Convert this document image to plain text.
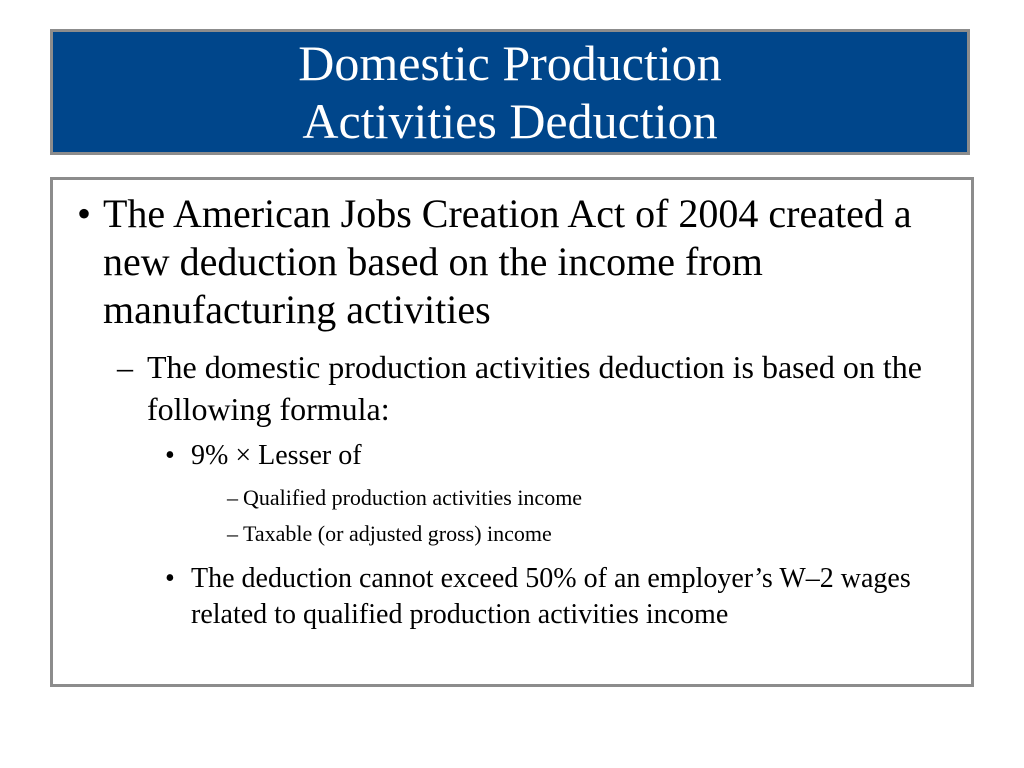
Domestic Production
Activities Deduction
• The American Jobs Creation Act of 2004 created a new deduction based on the income from manufacturing activities
– The domestic production activities deduction is based on the following formula:
• 9% × Lesser of
– Qualified production activities income
– Taxable (or adjusted gross) income
• The deduction cannot exceed 50% of an employer’s W–2 wages related to qualified production activities income
